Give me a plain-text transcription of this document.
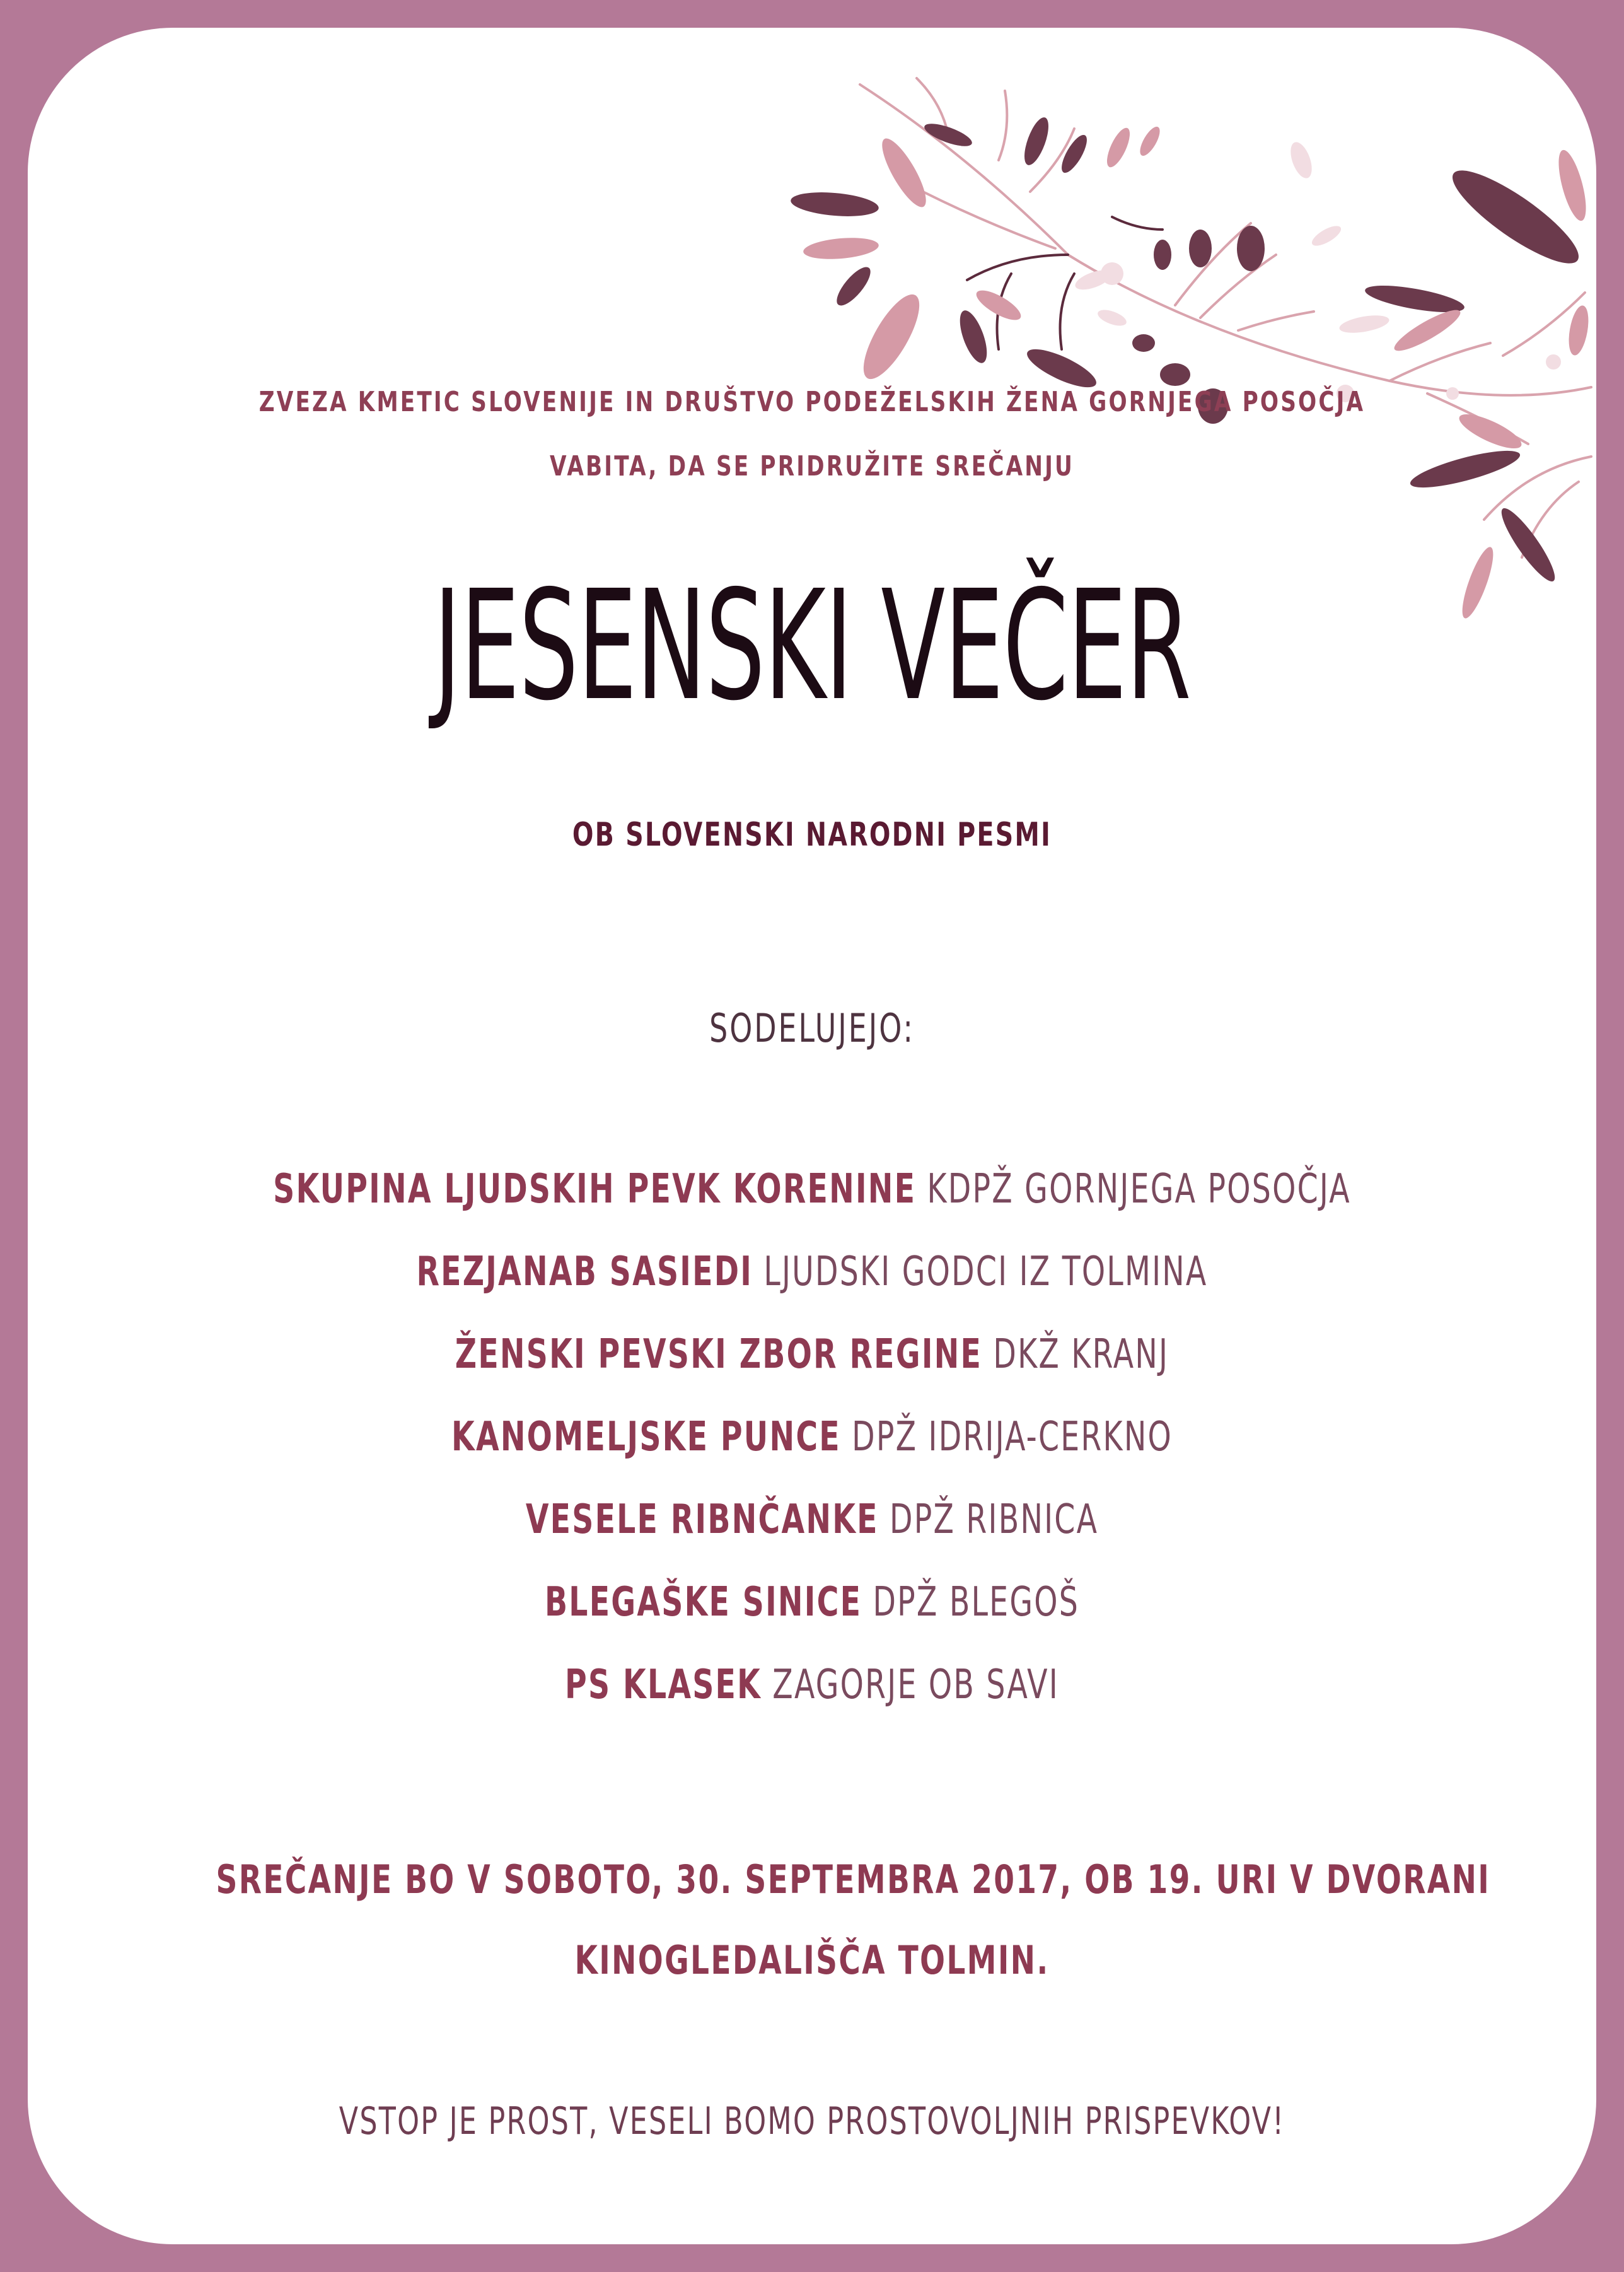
ZVEZA KMETIC SLOVENIJE IN DRUŠTVO PODEŽELSKIH ŽENA GORNJEGA POSOČJA
VABITA, DA SE PRIDRUŽITE SREČANJU
JESENSKI VEČER
OB SLOVENSKI NARODNI PESMI
SODELUJEJO:
SKUPINA LJUDSKIH PEVK KORENINE KDPŽ GORNJEGA POSOČJA
REZJANAB SASIEDI LJUDSKI GODCI IZ TOLMINA
ŽENSKI PEVSKI ZBOR REGINE DKŽ KRANJ
KANOMELJSKE PUNCE DPŽ IDRIJA-CERKNO
VESELE RIBNČANKE DPŽ RIBNICA
BLEGAŠKE SINICE DPŽ BLEGOŠ
PS KLASEK ZAGORJE OB SAVI
SREČANJE BO V SOBOTO, 30. SEPTEMBRA 2017, OB 19. URI V DVORANI
KINOGLEDALIŠČA TOLMIN.
VSTOP JE PROST, VESELI BOMO PROSTOVOLJNIH PRISPEVKOV!
